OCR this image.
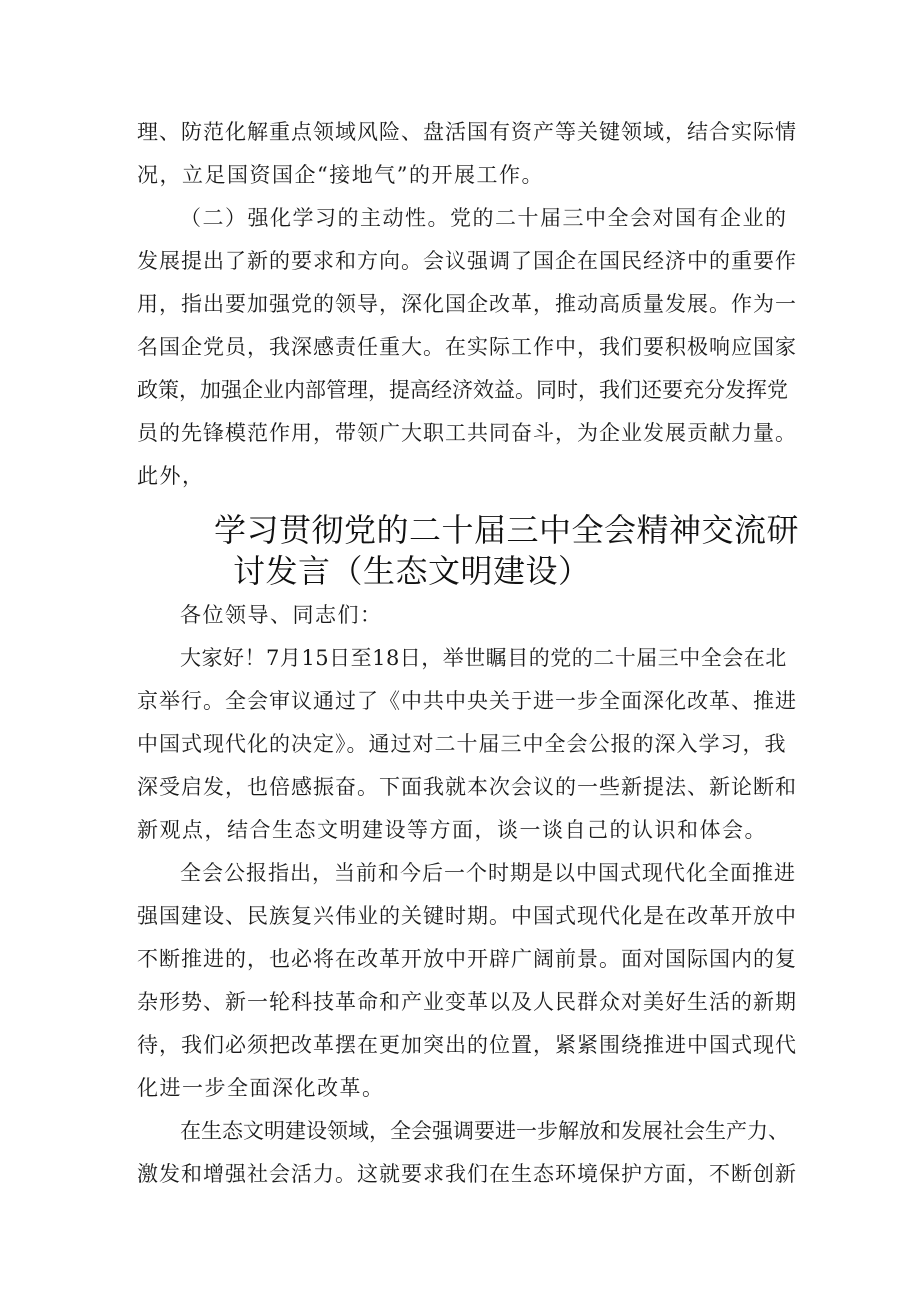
理、防范化解重点领域风险、盘活国有资产等关键领域，结合实际情
况，立足国资国企“接地气”的开展工作。
（二）强化学习的主动性。党的二十届三中全会对国有企业的
发展提出了新的要求和方向。会议强调了国企在国民经济中的重要作
用，指出要加强党的领导，深化国企改革，推动高质量发展。作为一
名国企党员，我深感责任重大。在实际工作中，我们要积极响应国家
政策，加强企业内部管理，提高经济效益。同时，我们还要充分发挥党
员的先锋模范作用，带领广大职工共同奋斗，为企业发展贡献力量。
此外，
学习贯彻党的二十届三中全会精神交流研
讨发言（生态文明建设）
各位领导、同志们：
大家好！7月15日至18日，举世瞩目的党的二十届三中全会在北
京举行。全会审议通过了《中共中央关于进一步全面深化改革、推进
中国式现代化的决定》。通过对二十届三中全会公报的深入学习，我
深受启发，也倍感振奋。下面我就本次会议的一些新提法、新论断和
新观点，结合生态文明建设等方面，谈一谈自己的认识和体会。
全会公报指出，当前和今后一个时期是以中国式现代化全面推进
强国建设、民族复兴伟业的关键时期。中国式现代化是在改革开放中
不断推进的，也必将在改革开放中开辟广阔前景。面对国际国内的复
杂形势、新一轮科技革命和产业变革以及人民群众对美好生活的新期
待，我们必须把改革摆在更加突出的位置，紧紧围绕推进中国式现代
化进一步全面深化改革。
在生态文明建设领域，全会强调要进一步解放和发展社会生产力、
激发和增强社会活力。这就要求我们在生态环境保护方面，不断创新
